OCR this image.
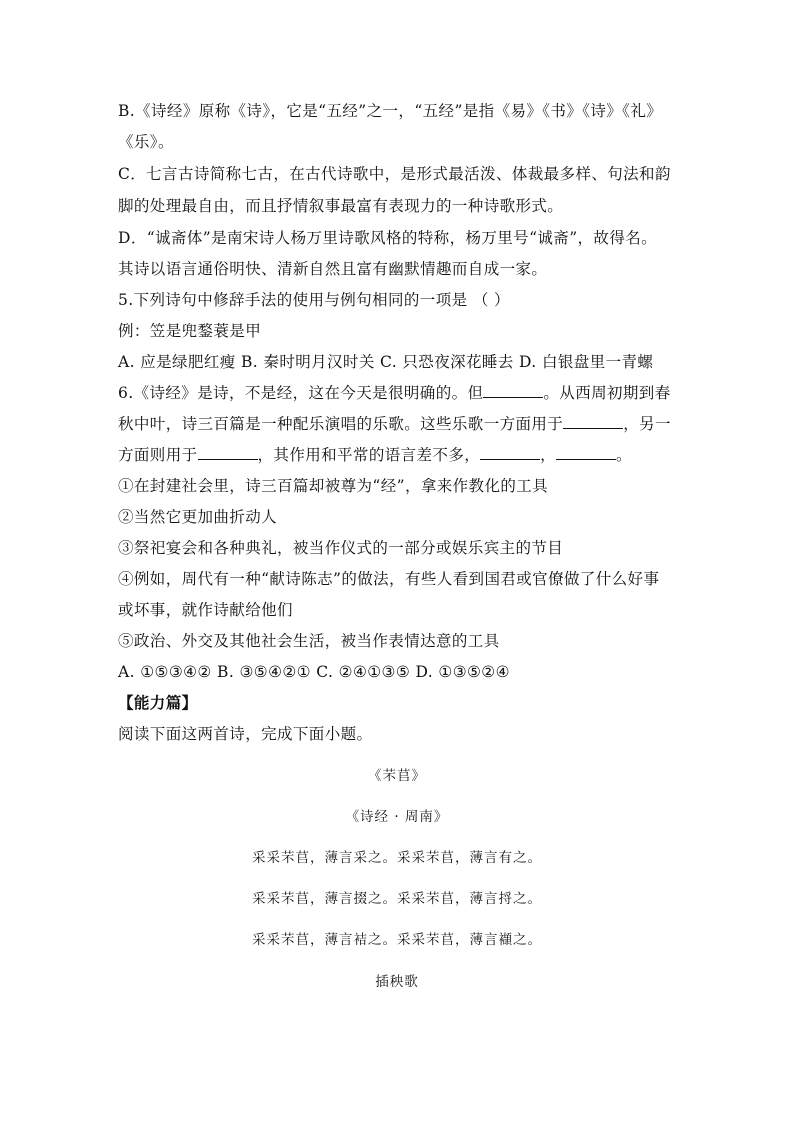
B.《诗经》原称《诗》，它是“五经”之一，“五经”是指《易》《书》《诗》《礼》
《乐》。
C．七言古诗简称七古，在古代诗歌中，是形式最活泼、体裁最多样、句法和韵
脚的处理最自由，而且抒情叙事最富有表现力的一种诗歌形式。
D．“诚斋体”是南宋诗人杨万里诗歌风格的特称，杨万里号“诚斋”，故得名。
其诗以语言通俗明快、清新自然且富有幽默情趣而自成一家。
5.下列诗句中修辞手法的使用与例句相同的一项是 （ ）
例：笠是兜鍪蓑是甲
A. 应是绿肥红瘦 B. 秦时明月汉时关 C. 只恐夜深花睡去 D. 白银盘里一青螺
6.《诗经》是诗，不是经，这在今天是很明确的。但	。从西周初期到春
秋中叶，诗三百篇是一种配乐演唱的乐歌。这些乐歌一方面用于	，另一
方面则用于	，其作用和平常的语言差不多，	，	。
①在封建社会里，诗三百篇却被尊为“经”，拿来作教化的工具
②当然它更加曲折动人
③祭祀宴会和各种典礼，被当作仪式的一部分或娱乐宾主的节目
④例如，周代有一种“献诗陈志”的做法，有些人看到国君或官僚做了什么好事
或坏事，就作诗献给他们
⑤政治、外交及其他社会生活，被当作表情达意的工具
A. ①⑤③④② B. ③⑤④②① C. ②④①③⑤ D. ①③⑤②④
【能力篇】
阅读下面这两首诗，完成下面小题。
《芣苢》
《诗经 · 周南》
采采芣苢，薄言采之。采采芣苢，薄言有之。
采采芣苢，薄言掇之。采采芣苢，薄言捋之。
采采芣苢，薄言袺之。采采芣苢，薄言襭之。
插秧歌
